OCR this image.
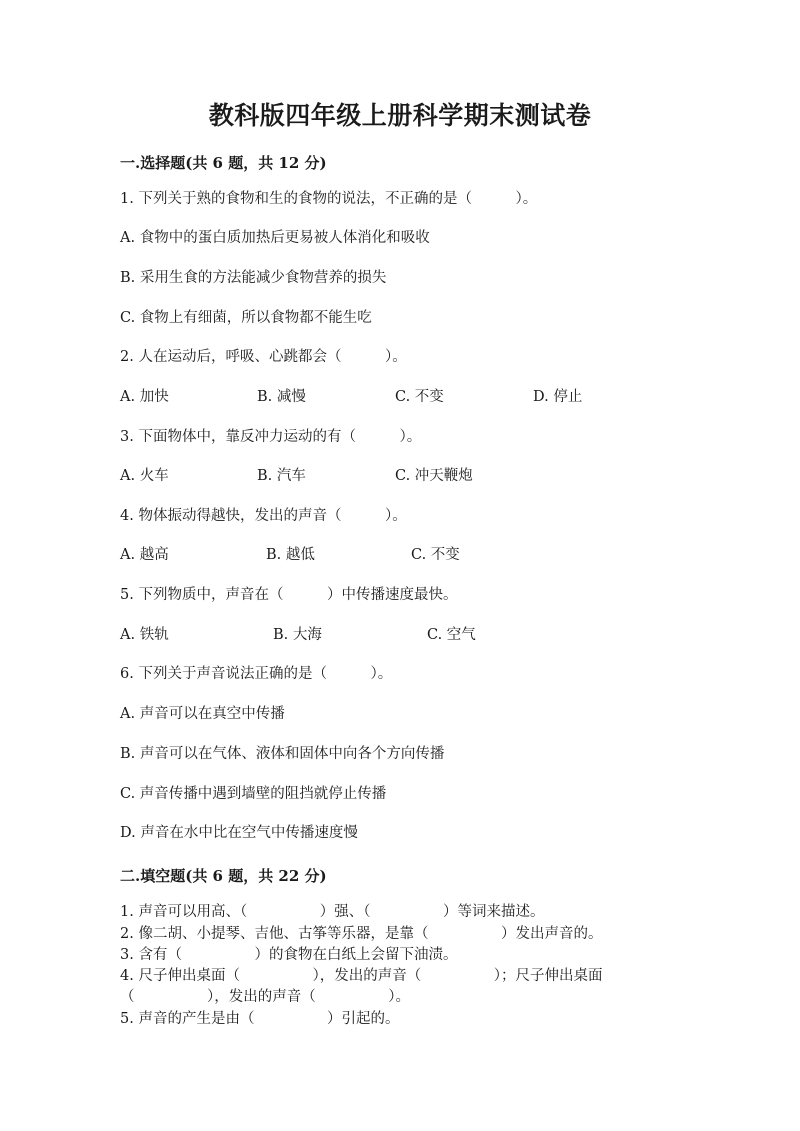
教科版四年级上册科学期末测试卷
一.选择题(共 6 题，共 12 分)
1. 下列关于熟的食物和生的食物的说法，不正确的是（　　　）。
A. 食物中的蛋白质加热后更易被人体消化和吸收
B. 采用生食的方法能减少食物营养的损失
C. 食物上有细菌，所以食物都不能生吃
2. 人在运动后，呼吸、心跳都会（　　　）。
A. 加快	B. 减慢	C. 不变	D. 停止
3. 下面物体中，靠反冲力运动的有（　　　）。
A. 火车	B. 汽车	C. 冲天鞭炮
4. 物体振动得越快，发出的声音（　　　）。
A. 越高	B. 越低	C. 不变
5. 下列物质中，声音在（　　　）中传播速度最快。
A. 铁轨	B. 大海	C. 空气
6. 下列关于声音说法正确的是（　　　）。
A. 声音可以在真空中传播
B. 声音可以在气体、液体和固体中向各个方向传播
C. 声音传播中遇到墙壁的阻挡就停止传播
D. 声音在水中比在空气中传播速度慢
二.填空题(共 6 题，共 22 分)
1. 声音可以用高、（　　　　　）强、（　　　　　）等词来描述。
2. 像二胡、小提琴、吉他、古筝等乐器，是靠（　　　　　）发出声音的。
3. 含有（　　　　　）的食物在白纸上会留下油渍。
4. 尺子伸出桌面（　　　　　），发出的声音（　　　　　）；尺子伸出桌面
（　　　　　），发出的声音（　　　　　）。
5. 声音的产生是由（　　　　　）引起的。
